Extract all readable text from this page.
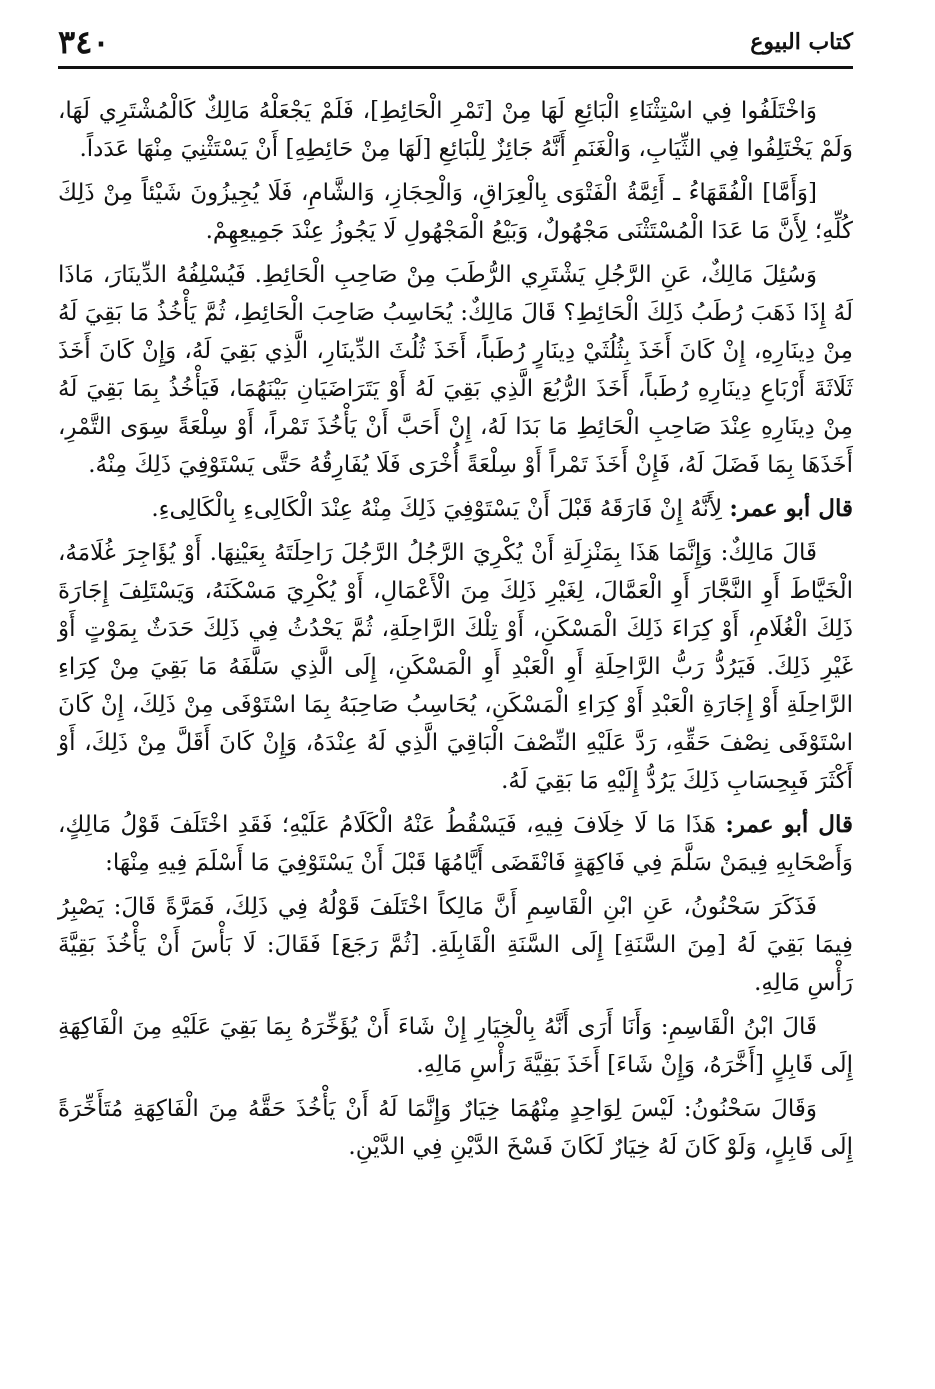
كتاب البيوع
٣٤٠

وَاخْتَلَفُوا فِي اسْتِثْنَاءِ الْبَائِعِ لَهَا مِنْ [تَمْرِ الْحَائِطِ]، فَلَمْ يَجْعَلْهُ مَالِكٌ كَالْمُشْتَرِي لَهَا، وَلَمْ يَخْتَلِفُوا فِي الثِّيَابِ، وَالْغَنَمِ أَنَّهُ جَائِزٌ لِلْبَائِعِ [لَهَا مِنْ حَائِطِهِ] أَنْ يَسْتَثْنِيَ مِنْهَا عَدَداً.

[وَأَمَّا] الْفُقَهَاءُ ـ أَئِمَّةُ الْفَتْوَى بِالْعِرَاقِ، وَالْحِجَازِ، وَالشَّامِ، فَلَا يُجِيزُونَ شَيْئاً مِنْ ذَلِكَ كُلِّهِ؛ لِأَنَّ مَا عَدَا الْمُسْتَثْنَى مَجْهُولٌ، وَبَيْعُ الْمَجْهُولِ لَا يَجُوزُ عِنْدَ جَمِيعِهِمْ.

وَسُئِلَ مَالِكٌ، عَنِ الرَّجُلِ يَشْتَرِي الرُّطَبَ مِنْ صَاحِبِ الْحَائِطِ. فَيُسْلِفُهُ الدِّينَارَ، مَاذَا لَهُ إِذَا ذَهَبَ رُطَبُ ذَلِكَ الْحَائِطِ؟ قَالَ مَالِكٌ: يُحَاسِبُ صَاحِبَ الْحَائِطِ، ثُمَّ يَأْخُذُ مَا بَقِيَ لَهُ مِنْ دِينَارِهِ، إِنْ كَانَ أَخَذَ بِثُلُثَيْ دِينَارٍ رُطَباً، أَخَذَ ثُلُثَ الدِّينَارِ، الَّذِي بَقِيَ لَهُ، وَإِنْ كَانَ أَخَذَ ثَلَاثَةَ أَرْبَاعِ دِينَارِهِ رُطَباً، أَخَذَ الرُّبُعَ الَّذِي بَقِيَ لَهُ أَوْ يَتَرَاضَيَانِ بَيْنَهُمَا، فَيَأْخُذُ بِمَا بَقِيَ لَهُ مِنْ دِينَارِهِ عِنْدَ صَاحِبِ الْحَائِطِ مَا بَدَا لَهُ، إِنْ أَحَبَّ أَنْ يَأْخُذَ تَمْراً، أَوْ سِلْعَةً سِوَى التَّمْرِ، أَخَذَهَا بِمَا فَضَلَ لَهُ، فَإِنْ أَخَذَ تَمْراً أَوْ سِلْعَةً أُخْرَى فَلَا يُفَارِقُهُ حَتَّى يَسْتَوْفِيَ ذَلِكَ مِنْهُ.

قال أبو عمر: لِأَنَّهُ إِنْ فَارَقَهُ قَبْلَ أَنْ يَسْتَوْفِيَ ذَلِكَ مِنْهُ عِنْدَ الْكَالِىءِ بِالْكَالِىءِ.

قَالَ مَالِكٌ: وَإِنَّمَا هَذَا بِمَنْزِلَةِ أَنْ يُكْرِيَ الرَّجُلُ الرَّجُلَ رَاحِلَتَهُ بِعَيْنِهَا. أَوْ يُؤَاجِرَ غُلَامَهُ، الْخَيَّاطَ أَوِ النَّجَّارَ أَوِ الْعَمَّالَ، لِغَيْرِ ذَلِكَ مِنَ الْأَعْمَالِ، أَوْ يُكْرِيَ مَسْكَنَهُ، وَيَسْتَلِفَ إِجَارَةَ ذَلِكَ الْغُلَامِ، أَوْ كِرَاءَ ذَلِكَ الْمَسْكَنِ، أَوْ تِلْكَ الرَّاحِلَةِ، ثُمَّ يَحْدُثُ فِي ذَلِكَ حَدَثٌ بِمَوْتٍ أَوْ غَيْرِ ذَلِكَ. فَيَرُدُّ رَبُّ الرَّاحِلَةِ أَوِ الْعَبْدِ أَوِ الْمَسْكَنِ، إِلَى الَّذِي سَلَّفَهُ مَا بَقِيَ مِنْ كِرَاءِ الرَّاحِلَةِ أَوْ إِجَارَةِ الْعَبْدِ أَوْ كِرَاءِ الْمَسْكَنِ، يُحَاسِبُ صَاحِبَهُ بِمَا اسْتَوْفَى مِنْ ذَلِكَ، إِنْ كَانَ اسْتَوْفَى نِصْفَ حَقِّهِ، رَدَّ عَلَيْهِ النِّصْفَ الْبَاقِيَ الَّذِي لَهُ عِنْدَهُ، وَإِنْ كَانَ أَقَلَّ مِنْ ذَلِكَ، أَوْ أَكْثَرَ فَبِحِسَابِ ذَلِكَ يَرُدُّ إِلَيْهِ مَا بَقِيَ لَهُ.

قال أبو عمر: هَذَا مَا لَا خِلَافَ فِيهِ، فَيَسْقُطُ عَنْهُ الْكَلَامُ عَلَيْهِ؛ فَقَدِ اخْتَلَفَ قَوْلُ مَالِكٍ، وَأَصْحَابِهِ فِيمَنْ سَلَّمَ فِي فَاكِهَةٍ فَانْقَضَى أَيَّامُهَا قَبْلَ أَنْ يَسْتَوْفِيَ مَا أَسْلَمَ فِيهِ مِنْهَا:

فَذَكَرَ سَحْنُونُ، عَنِ ابْنِ الْقَاسِمِ أَنَّ مَالِكاً اخْتَلَفَ قَوْلُهُ فِي ذَلِكَ، فَمَرَّةً قَالَ: يَصْبِرُ فِيمَا بَقِيَ لَهُ [مِنَ السَّنَةِ] إِلَى السَّنَةِ الْقَابِلَةِ. [ثُمَّ رَجَعَ] فَقَالَ: لَا بَأْسَ أَنْ يَأْخُذَ بَقِيَّةَ رَأْسِ مَالِهِ.

قَالَ ابْنُ الْقَاسِمِ: وَأَنَا أَرَى أَنَّهُ بِالْخِيَارِ إِنْ شَاءَ أَنْ يُؤَخِّرَهُ بِمَا بَقِيَ عَلَيْهِ مِنَ الْفَاكِهَةِ إِلَى قَابِلٍ [أَخَّرَهُ، وَإِنْ شَاءَ] أَخَذَ بَقِيَّةَ رَأْسِ مَالِهِ.

وَقَالَ سَحْنُونُ: لَيْسَ لِوَاحِدٍ مِنْهُمَا خِيَارٌ وَإِنَّمَا لَهُ أَنْ يَأْخُذَ حَقَّهُ مِنَ الْفَاكِهَةِ مُتَأَخِّرَةً إِلَى قَابِلٍ، وَلَوْ كَانَ لَهُ خِيَارٌ لَكَانَ فَسْخَ الدَّيْنِ فِي الدَّيْنِ.
